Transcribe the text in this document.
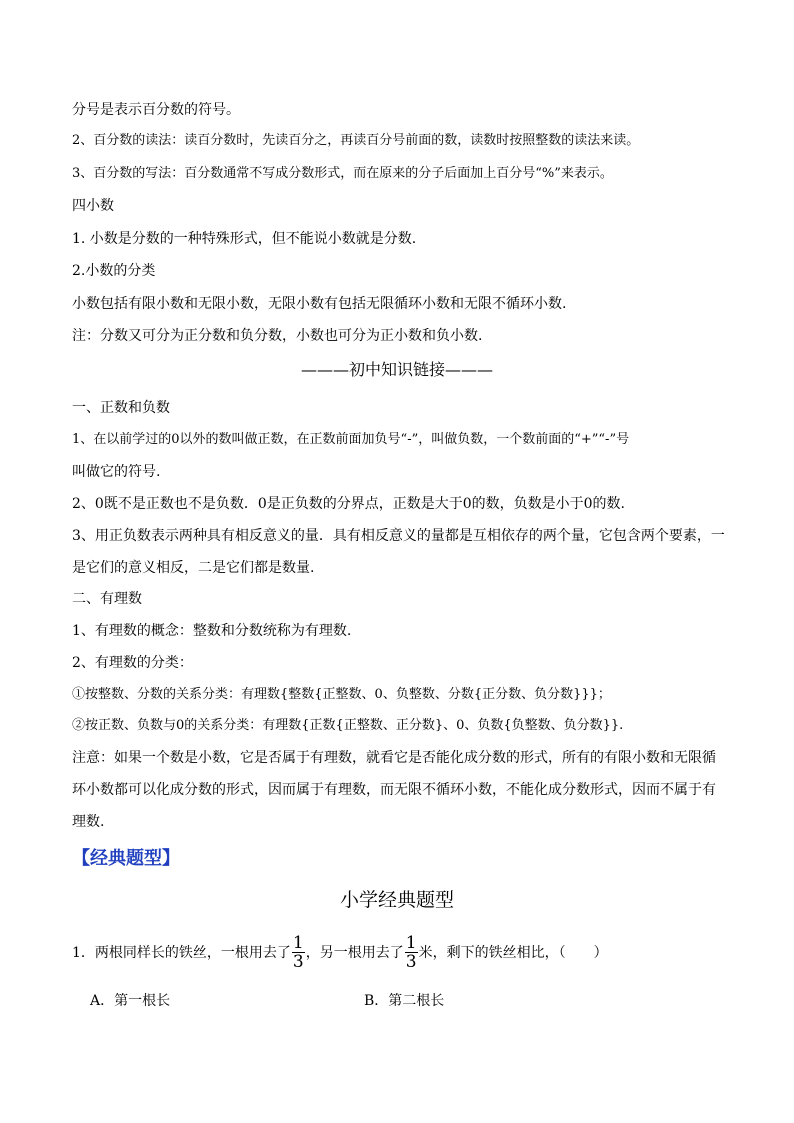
分号是表示百分数的符号。
2、百分数的读法：读百分数时，先读百分之，再读百分号前面的数，读数时按照整数的读法来读。
3、百分数的写法：百分数通常不写成分数形式，而在原来的分子后面加上百分号“%”来表示。
四小数
1. 小数是分数的一种特殊形式，但不能说小数就是分数.
2.小数的分类
小数包括有限小数和无限小数，无限小数有包括无限循环小数和无限不循环小数.
注：分数又可分为正分数和负分数，小数也可分为正小数和负小数.
———初中知识链接———
一、正数和负数
1、在以前学过的0以外的数叫做正数，在正数前面加负号“-”，叫做负数，一个数前面的“+”“-”号
叫做它的符号.
2、0既不是正数也不是负数．0是正负数的分界点，正数是大于0的数，负数是小于0的数.
3、用正负数表示两种具有相反意义的量．具有相反意义的量都是互相依存的两个量，它包含两个要素，一
是它们的意义相反，二是它们都是数量.
二、有理数
1、有理数的概念：整数和分数统称为有理数.
2、有理数的分类：
①按整数、分数的关系分类：有理数{整数{正整数、0、负整数、分数{正分数、负分数}}}；
②按正数、负数与0的关系分类：有理数{正数{正整数、正分数}、0、负数{负整数、负分数}}.
注意：如果一个数是小数，它是否属于有理数，就看它是否能化成分数的形式，所有的有限小数和无限循
环小数都可以化成分数的形式，因而属于有理数，而无限不循环小数，不能化成分数形式，因而不属于有
理数.
【经典题型】
小学经典题型
1．两根同样长的铁丝，一根用去了 $\frac{1}{3}$ ，另一根用去了 $\frac{1}{3}$ 米，剩下的铁丝相比，（　　）
A．第一根长	B．第二根长
